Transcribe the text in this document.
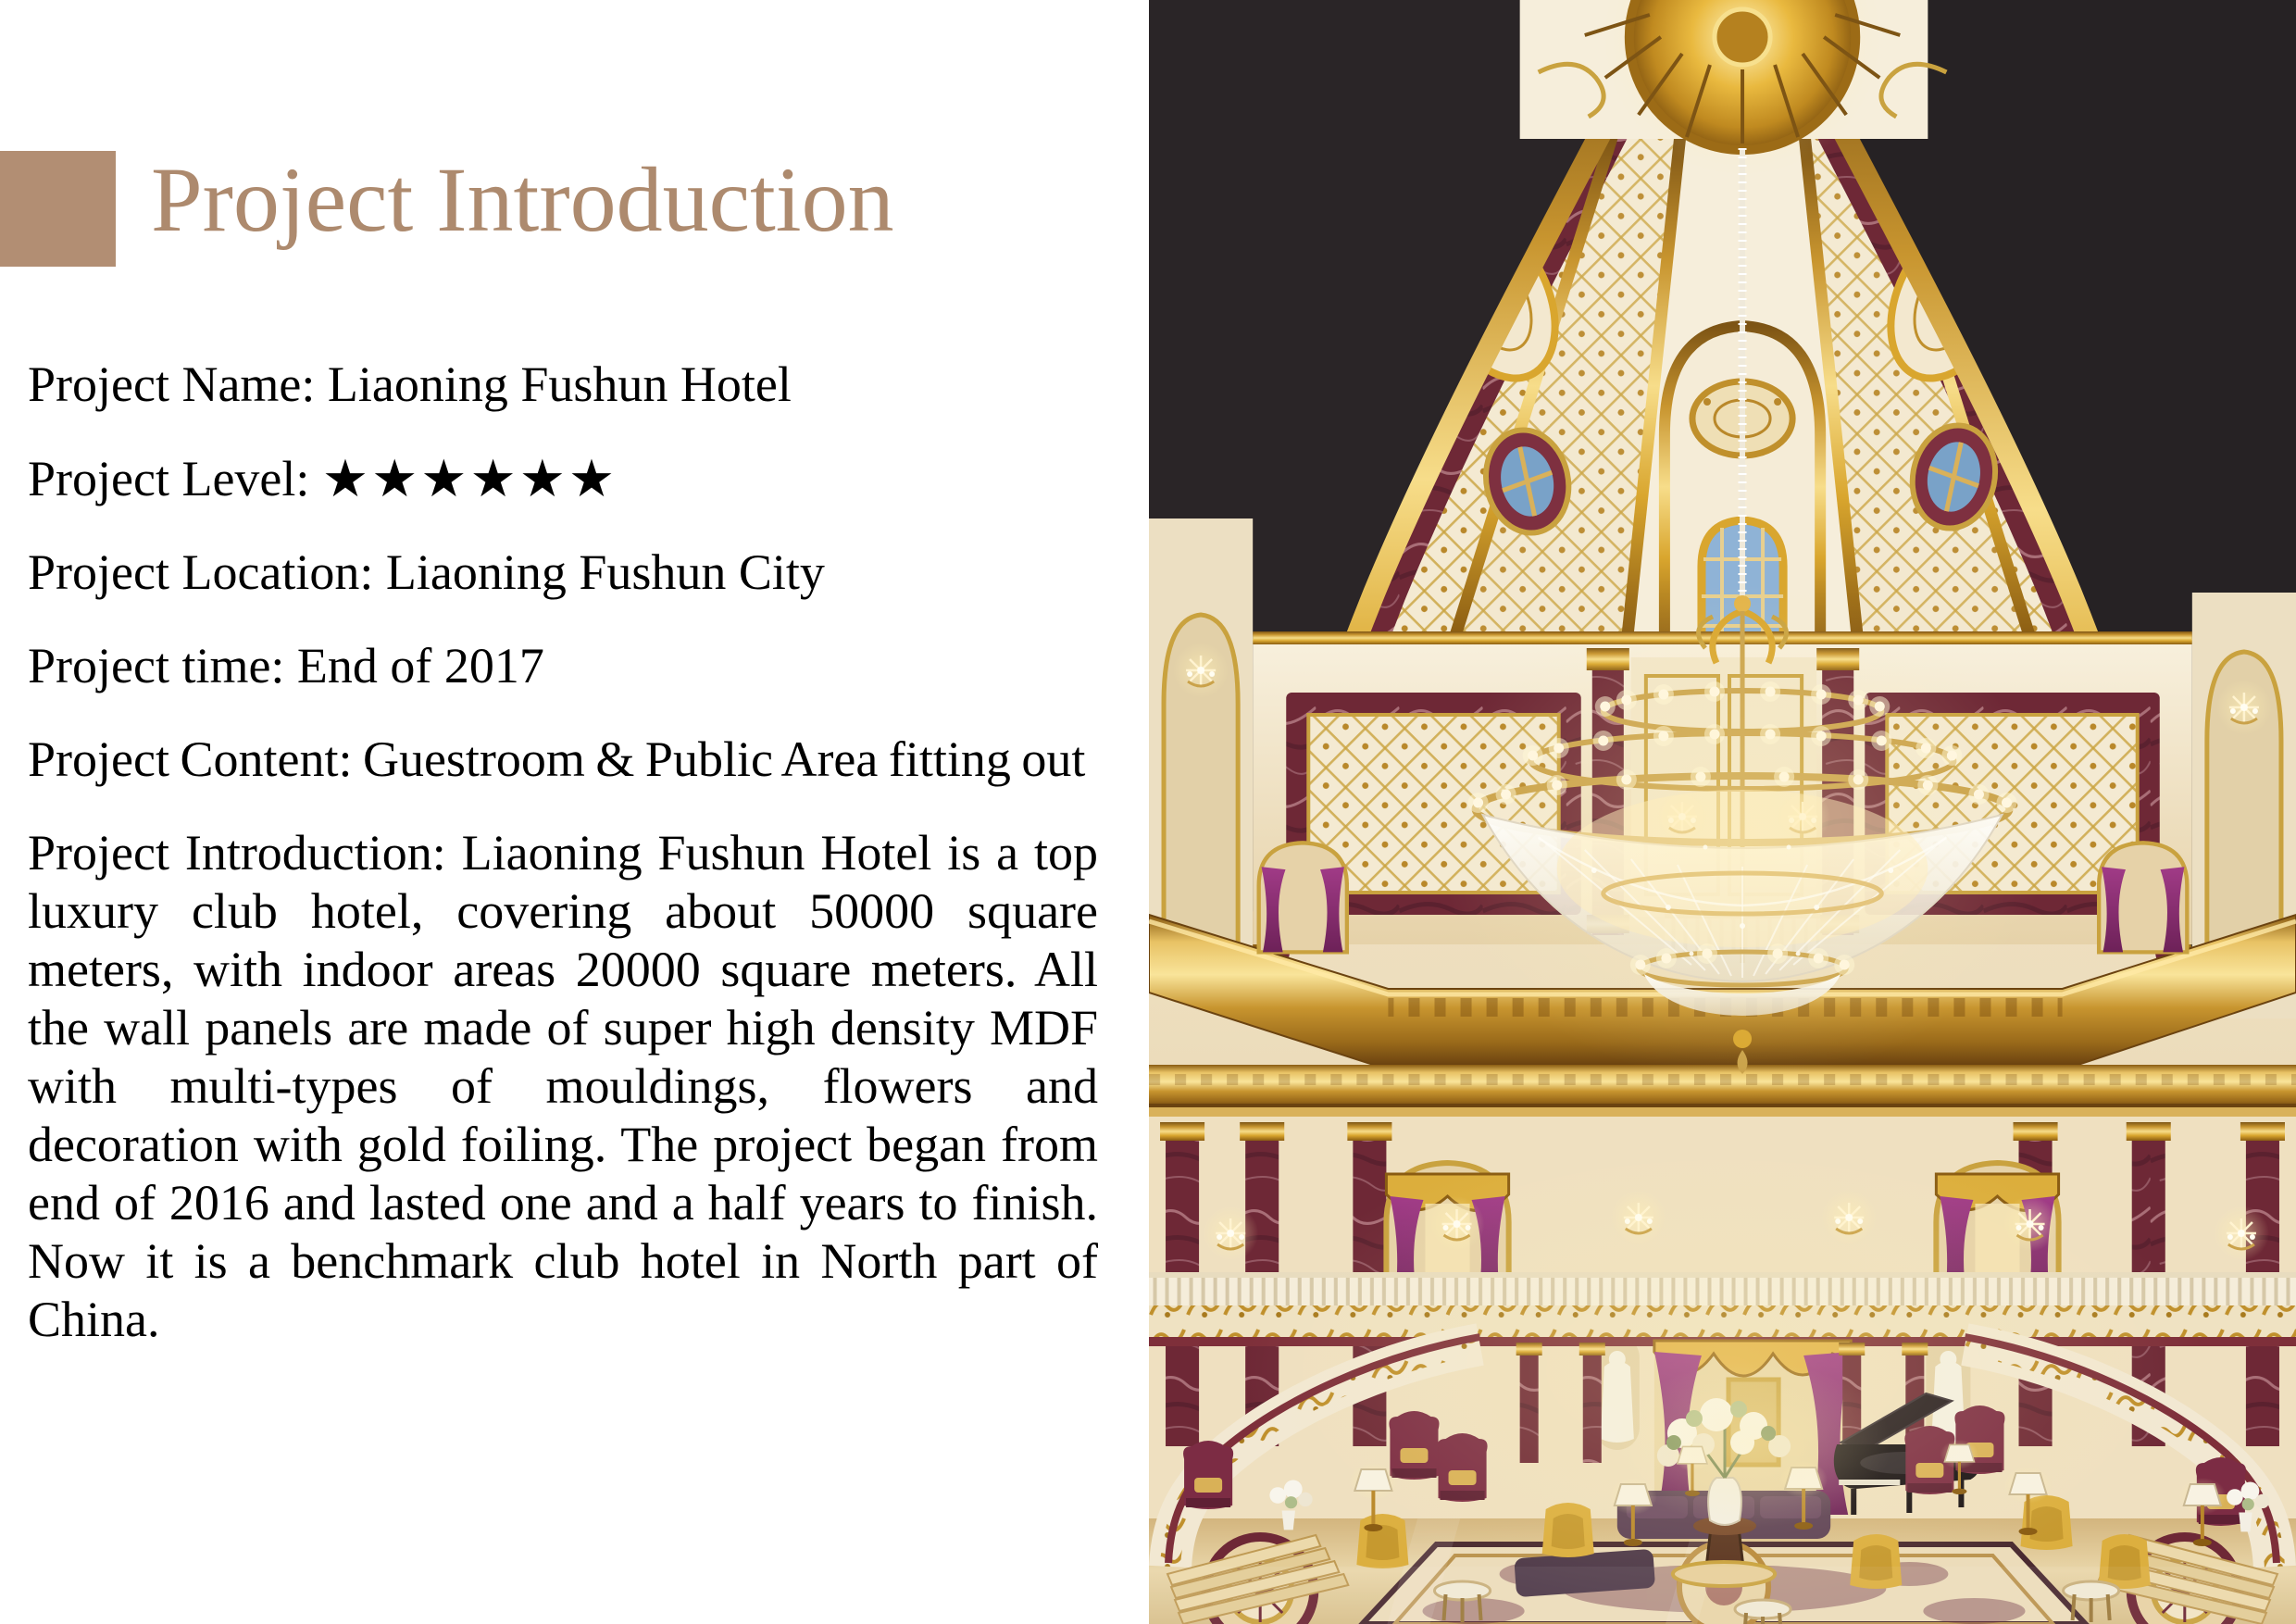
Project Introduction

Project Name: Liaoning Fushun Hotel

Project Level: ★★★★★★

Project Location: Liaoning Fushun City

Project time: End of 2017

Project Content: Guestroom & Public Area fitting out

Project Introduction: Liaoning Fushun Hotel is a top luxury club hotel, covering about 50000 square meters, with indoor areas 20000 square meters. All the wall panels are made of super high density MDF with multi-types of mouldings, flowers and decoration with gold foiling. The project began from end of 2016 and lasted one and a half years to finish. Now it is a benchmark club hotel in North part of China.
